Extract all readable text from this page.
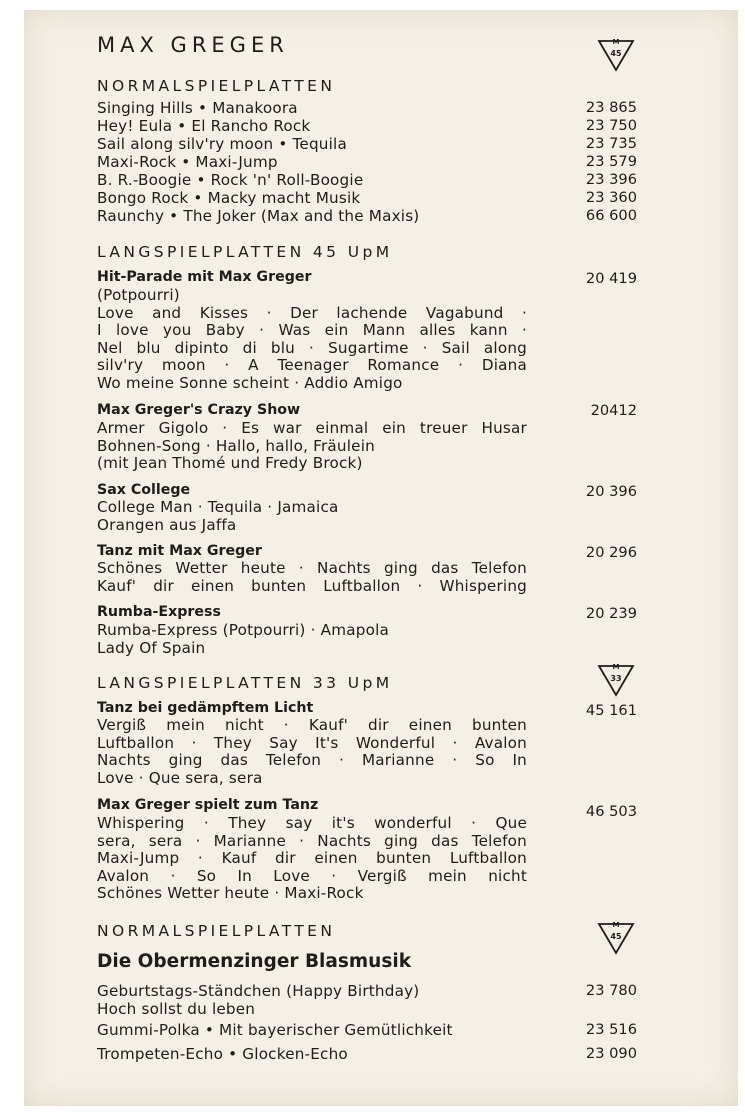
MAX GREGER	M
45
NORMALSPIELPLATTEN
Singing Hills • Manakoora	23 865
Hey! Eula • El Rancho Rock	23 750
Sail along silv'ry moon • Tequila	23 735
Maxi-Rock • Maxi-Jump	23 579
B. R.-Boogie • Rock 'n' Roll-Boogie	23 396
Bongo Rock • Macky macht Musik	23 360
Raunchy • The Joker (Max and the Maxis)	66 600
LANGSPIELPLATTEN 45 UpM
Hit-Parade mit Max Greger	20 419
(Potpourri)
Love and Kisses · Der lachende Vagabund ·
I love you Baby · Was ein Mann alles kann ·
Nel blu dipinto di blu · Sugartime · Sail along
silv'ry moon · A Teenager Romance · Diana
Wo meine Sonne scheint · Addio Amigo
Max Greger's Crazy Show	20412
Armer Gigolo · Es war einmal ein treuer Husar
Bohnen-Song · Hallo, hallo, Fräulein
(mit Jean Thomé und Fredy Brock)
Sax College	20 396
College Man · Tequila · Jamaica
Orangen aus Jaffa
Tanz mit Max Greger	20 296
Schönes Wetter heute · Nachts ging das Telefon
Kauf' dir einen bunten Luftballon · Whispering
Rumba-Express	20 239
Rumba-Express (Potpourri) · Amapola
Lady Of Spain
LANGSPIELPLATTEN 33 UpM
M
33
Tanz bei gedämpftem Licht	45 161
Vergiß mein nicht · Kauf' dir einen bunten
Luftballon · They Say It's Wonderful · Avalon
Nachts ging das Telefon · Marianne · So In
Love · Que sera, sera
Max Greger spielt zum Tanz	46 503
Whispering · They say it's wonderful · Que
sera, sera · Marianne · Nachts ging das Telefon
Maxi-Jump · Kauf dir einen bunten Luftballon
Avalon · So In Love · Vergiß mein nicht
Schönes Wetter heute · Maxi-Rock
NORMALSPIELPLATTEN	M
45
Die Obermenzinger Blasmusik
Geburtstags-Ständchen (Happy Birthday)	23 780
Hoch sollst du leben
Gummi-Polka • Mit bayerischer Gemütlichkeit	23 516
Trompeten-Echo • Glocken-Echo	23 090
